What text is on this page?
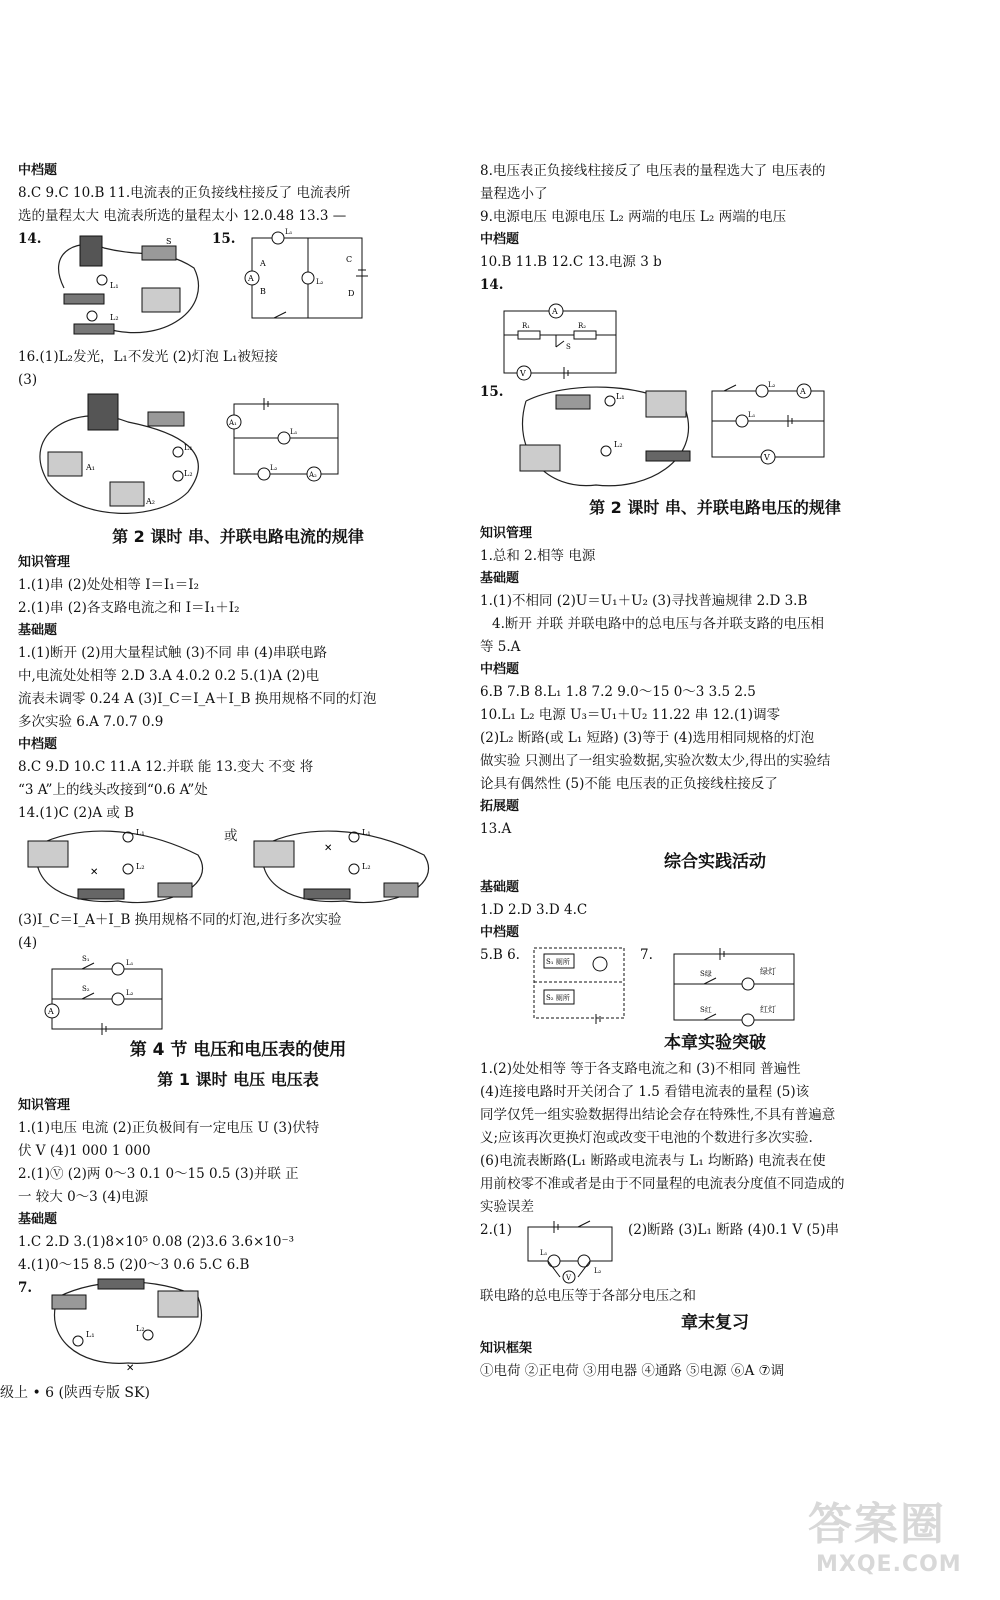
中档题
8.C 9.C 10.B 11.电流表的正负接线柱接反了 电流表所
选的量程太大 电流表所选的量程太小 12.0.48 13.3 —
14.
L₁
L₂
S	15.	L₁
L₂
A
A
B
C
D
16.(1)L₂发光，L₁不发光 (2)灯泡 L₁被短接
(3)
A₁
A₂
L₁
L₂
A₁
L₁
L₂
A₂
第 2 课时 串、并联电路电流的规律
知识管理
1.(1)串 (2)处处相等 I＝I₁＝I₂
2.(1)串 (2)各支路电流之和 I＝I₁＋I₂
基础题
1.(1)断开 (2)用大量程试触 (3)不同 串 (4)串联电路
中,电流处处相等 2.D 3.A 4.0.2 0.2 5.(1)A (2)电
流表未调零 0.24 A (3)I_C＝I_A＋I_B 换用规格不同的灯泡
多次实验 6.A 7.0.7 0.9
中档题
8.C 9.D 10.C 11.A 12.并联 能 13.变大 不变 将
“3 A”上的线头改接到“0.6 A”处
14.(1)C (2)A 或 B
✕
L₁
L₂
或
✕
L₁
L₂
(3)I_C＝I_A＋I_B 换用规格不同的灯泡,进行多次实验
(4)
S₁	L₁
S₂	L₂
A
第 4 节 电压和电压表的使用
第 1 课时 电压 电压表
知识管理
1.(1)电压 电流 (2)正负极间有一定电压 U (3)伏特
伏 V (4)1 000 1 000
2.(1)Ⓥ (2)两 0～3 0.1 0～15 0.5 (3)并联 正
一 较大 0～3 (4)电源
基础题
1.C 2.D 3.(1)8×10⁵ 0.08 (2)3.6 3.6×10⁻³
4.(1)0～15 8.5 (2)0～3 0.6 5.C 6.B
7.
L₁
L₂
✕
8.电压表正负接线柱接反了 电压表的量程选大了 电压表的
量程选小了
9.电源电压 电源电压 L₂ 两端的电压 L₂ 两端的电压
中档题
10.B 11.B 12.C 13.电源 3 b
14.
A
R₁	R₂
S
V
15.	L₁
L₂
L₂
A
L₁
V
第 2 课时 串、并联电路电压的规律
知识管理
1.总和 2.相等 电源
基础题
1.(1)不相同 (2)U＝U₁＋U₂ (3)寻找普遍规律 2.D 3.B
4.断开 并联 并联电路中的总电压与各并联支路的电压相
等 5.A
中档题
6.B 7.B 8.L₁ 1.8 7.2 9.0～15 0～3 3.5 2.5
10.L₁ L₂ 电源 U₃＝U₁＋U₂ 11.22 串 12.(1)调零
(2)L₂ 断路(或 L₁ 短路) (3)等于 (4)选用相同规格的灯泡
做实验 只测出了一组实验数据,实验次数太少,得出的实验结
论具有偶然性 (5)不能 电压表的正负接线柱接反了
拓展题
13.A
综合实践活动
基础题
1.D 2.D 3.D 4.C
中档题
5.B 6.	S₁ 厕所
S₂ 厕所
7.
S绿	绿灯
S红	红灯
本章实验突破
1.(2)处处相等 等于各支路电流之和 (3)不相同 普遍性
(4)连接电路时开关闭合了 1.5 看错电流表的量程 (5)该
同学仅凭一组实验数据得出结论会存在特殊性,不具有普遍意
义;应该再次更换灯泡或改变干电池的个数进行多次实验.
(6)电流表断路(L₁ 断路或电流表与 L₁ 均断路) 电流表在使
用前校零不准或者是由于不同量程的电流表分度值不同造成的
实验误差
2.(1)
L₁
L₂
V
(2)断路 (3)L₁ 断路 (4)0.1 V (5)串
联电路的总电压等于各部分电压之和
章末复习
知识框架
①电荷 ②正电荷 ③用电器 ④通路 ⑤电源 ⑥A ⑦调
级上 • 6 (陕西专版 SK)
答案圈
MXQE.COM
